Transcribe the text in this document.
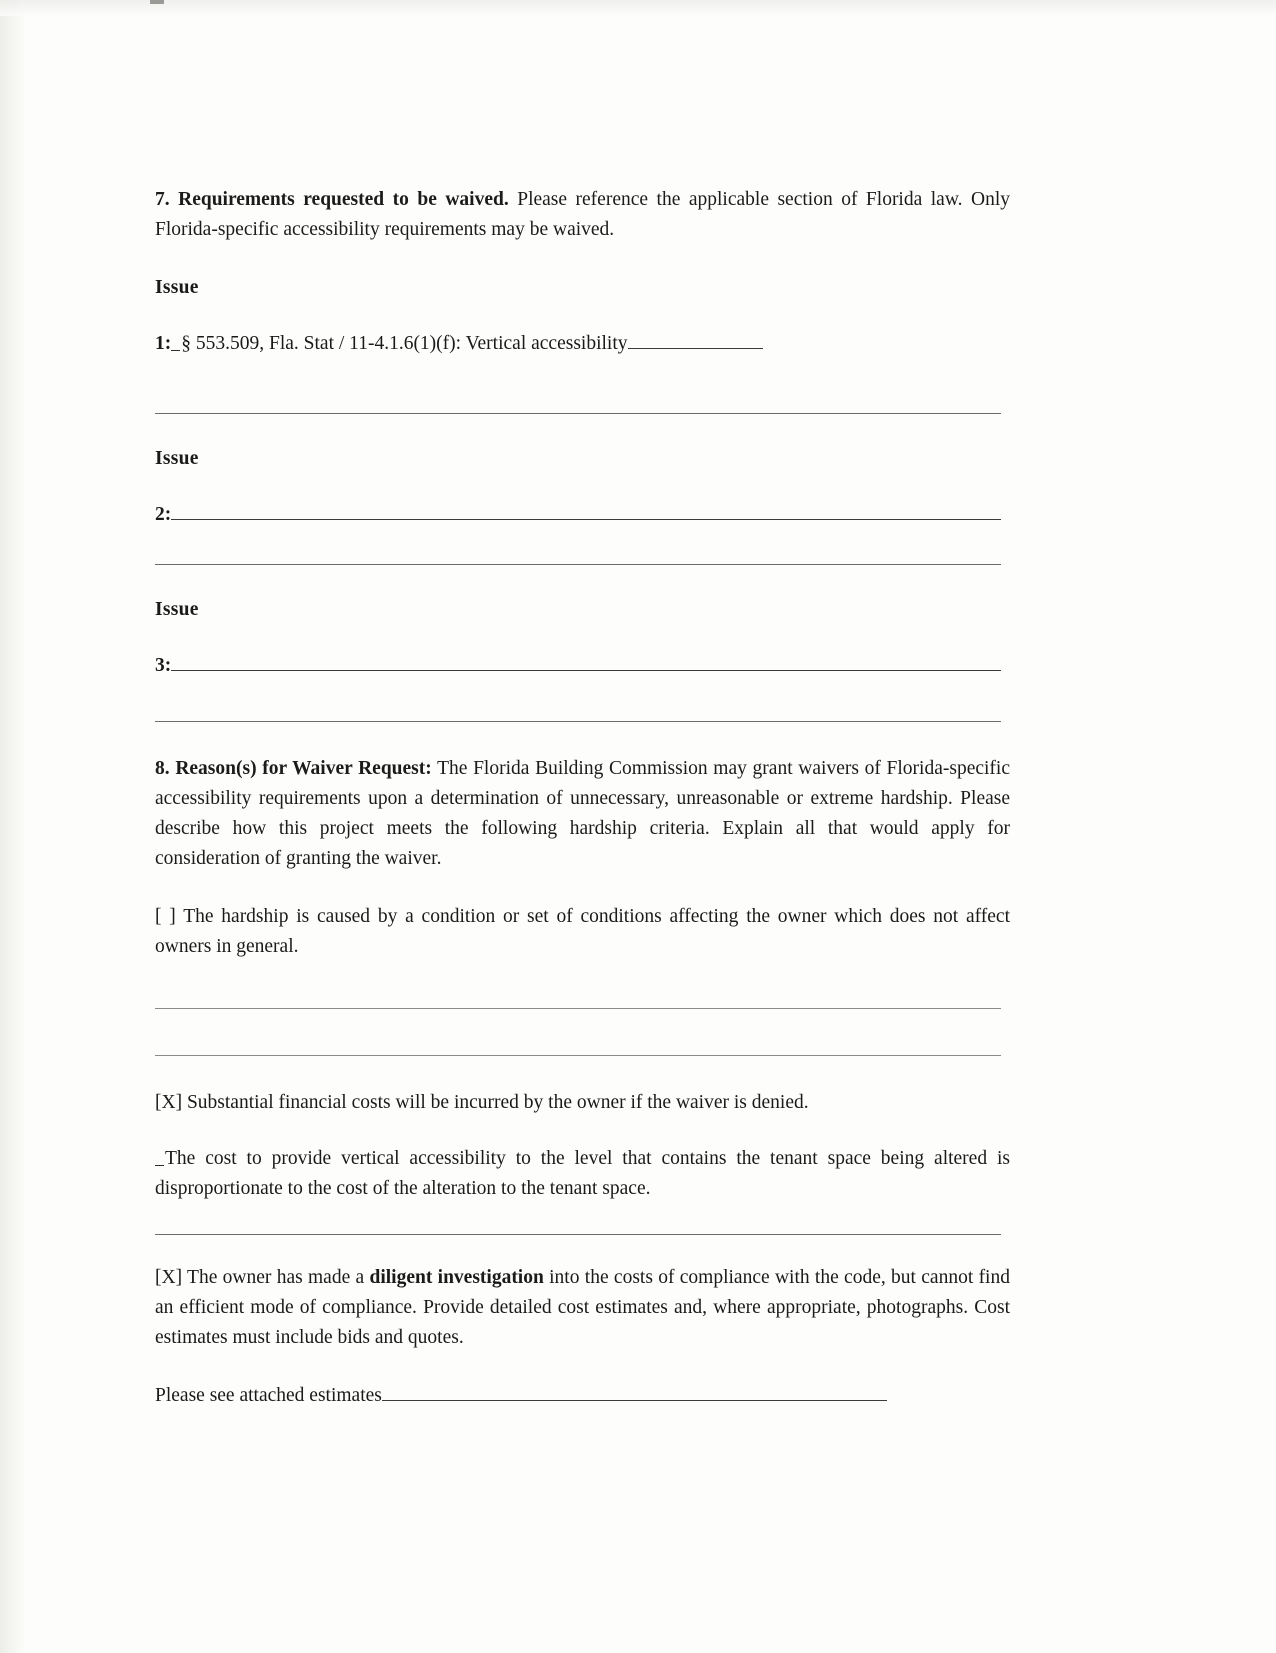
7. Requirements requested to be waived. Please reference the applicable section of Florida law. Only Florida-specific accessibility requirements may be waived.

Issue

1: § 553.509, Fla. Stat / 11-4.1.6(1)(f): Vertical accessibility

Issue

2:

Issue

3:

8. Reason(s) for Waiver Request: The Florida Building Commission may grant waivers of Florida-specific accessibility requirements upon a determination of unnecessary, unreasonable or extreme hardship. Please describe how this project meets the following hardship criteria. Explain all that would apply for consideration of granting the waiver.

[ ] The hardship is caused by a condition or set of conditions affecting the owner which does not affect owners in general.

[X] Substantial financial costs will be incurred by the owner if the waiver is denied.

The cost to provide vertical accessibility to the level that contains the tenant space being altered is disproportionate to the cost of the alteration to the tenant space.

[X] The owner has made a diligent investigation into the costs of compliance with the code, but cannot find an efficient mode of compliance. Provide detailed cost estimates and, where appropriate, photographs. Cost estimates must include bids and quotes.

Please see attached estimates
